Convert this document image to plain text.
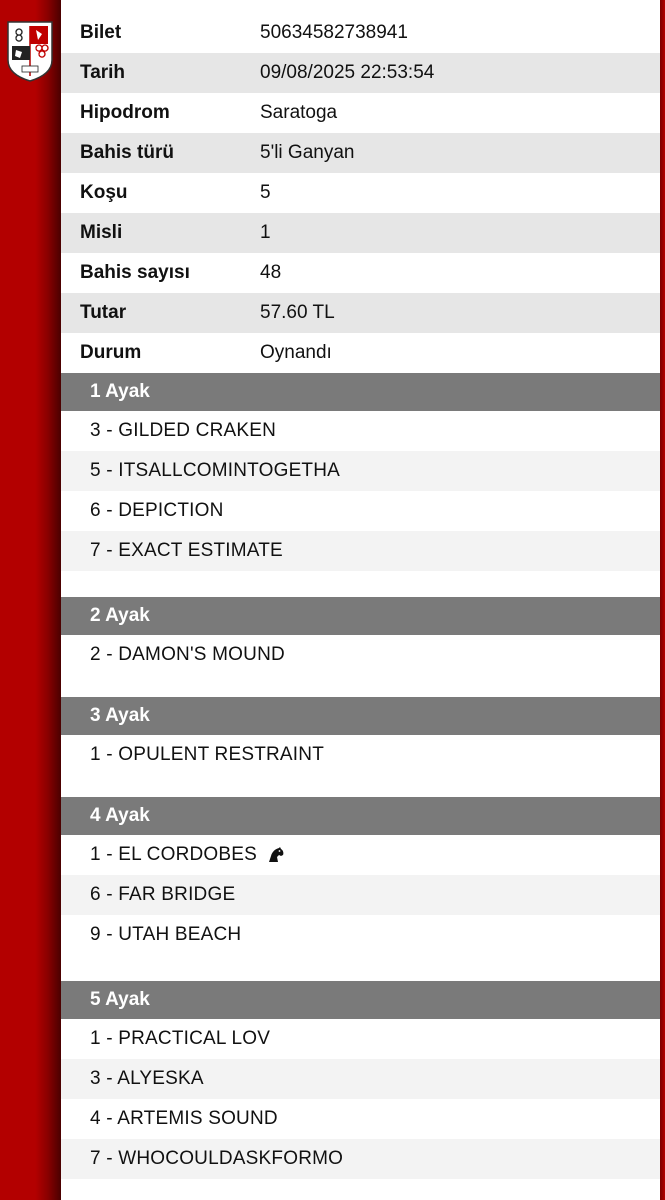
Bilet	50634582738941
Tarih	09/08/2025 22:53:54
Hipodrom	Saratoga
Bahis türü	5'li Ganyan
Koşu	5
Misli	1
Bahis sayısı	48
Tutar	57.60 TL
Durum	Oynandı
1 Ayak
3 - GILDED CRAKEN
5 - ITSALLCOMINTOGETHA
6 - DEPICTION
7 - EXACT ESTIMATE
2 Ayak
2 - DAMON'S MOUND
3 Ayak
1 - OPULENT RESTRAINT
4 Ayak
1 - EL CORDOBES
6 - FAR BRIDGE
9 - UTAH BEACH
5 Ayak
1 - PRACTICAL LOV
3 - ALYESKA
4 - ARTEMIS SOUND
7 - WHOCOULDASKFORMO
